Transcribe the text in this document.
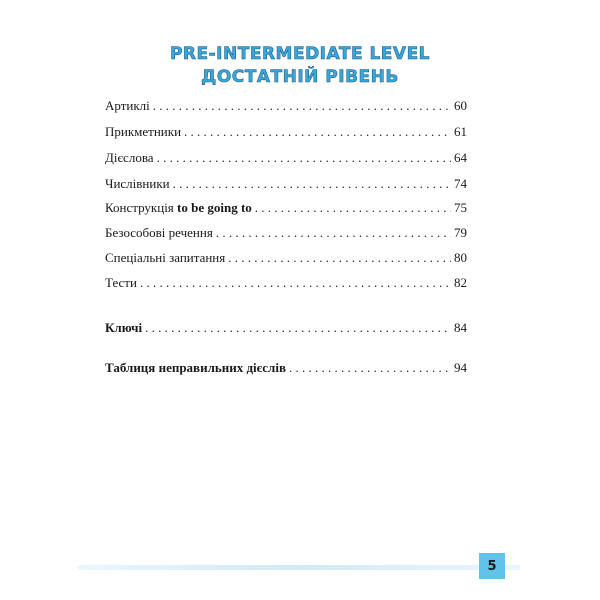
PRE-INTERMEDIATE LEVEL
ДОСТАТНІЙ РІВЕНЬ
Артиклі . . .	60
Прикметники . . .	61
Дієслова . . .	64
Числівники . . .	74
Конструкція to be going to . . .	75
Безособові речення . . .	79
Спеціальні запитання . . .	80
Тести . . .	82
Ключі . . .	84
Таблиця неправильних дієслів . . .	94
5
